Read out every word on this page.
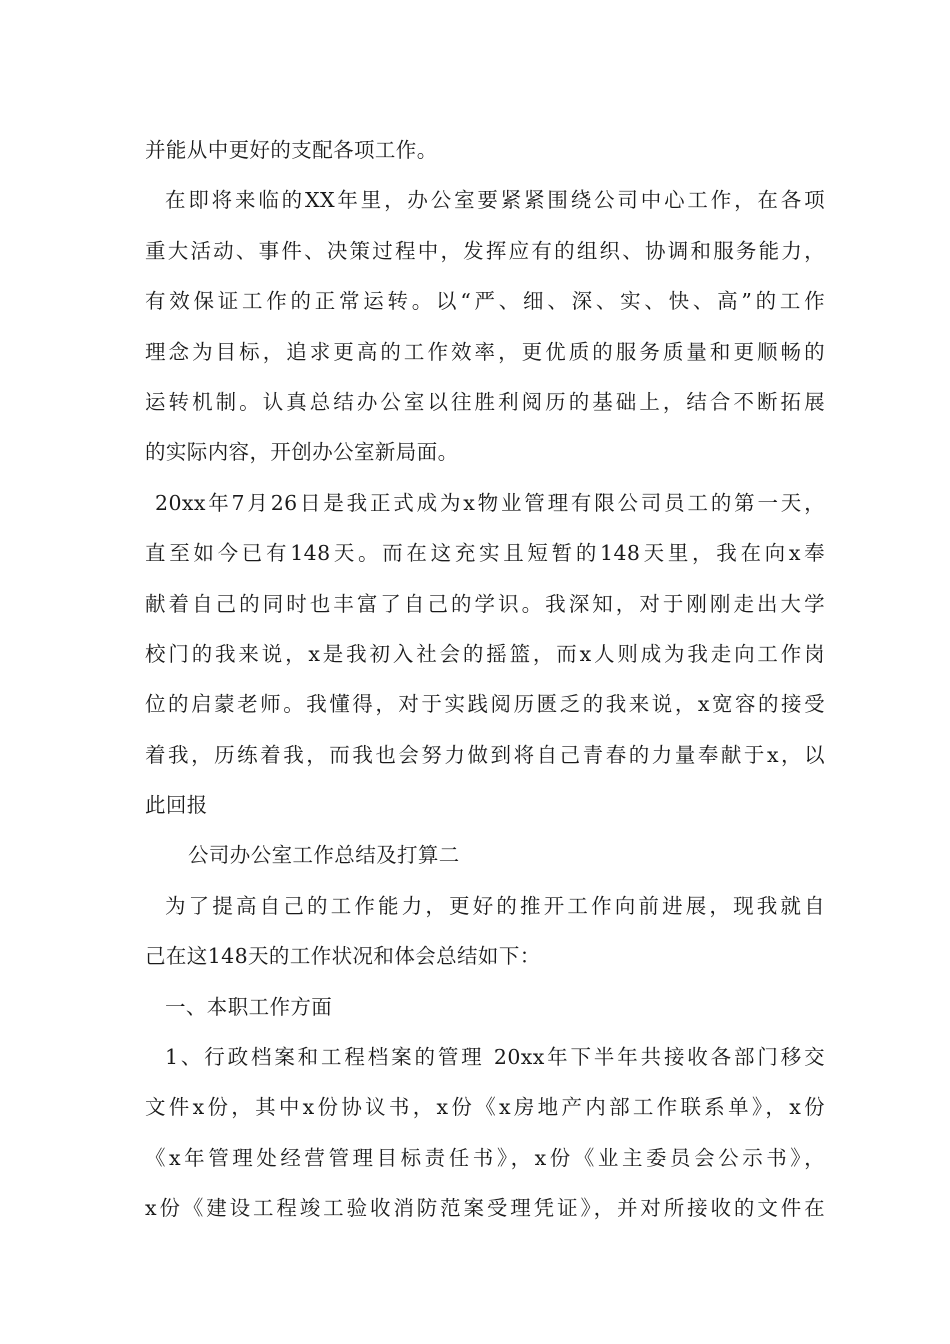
并能从中更好的支配各项工作。
在即将来临的XX年里，办公室要紧紧围绕公司中心工作，在各项
重大活动、事件、决策过程中，发挥应有的组织、协调和服务能力，
有效保证工作的正常运转。以“严、细、深、实、快、高”的工作
理念为目标，追求更高的工作效率，更优质的服务质量和更顺畅的
运转机制。认真总结办公室以往胜利阅历的基础上，结合不断拓展
的实际内容，开创办公室新局面。
20xx年7月26日是我正式成为x物业管理有限公司员工的第一天，
直至如今已有148天。而在这充实且短暂的148天里，我在向x奉
献着自己的同时也丰富了自己的学识。我深知，对于刚刚走出大学
校门的我来说，x是我初入社会的摇篮，而x人则成为我走向工作岗
位的启蒙老师。我懂得，对于实践阅历匮乏的我来说，x宽容的接受
着我，历练着我，而我也会努力做到将自己青春的力量奉献于x，以
此回报
公司办公室工作总结及打算二
为了提高自己的工作能力，更好的推开工作向前进展，现我就自
己在这148天的工作状况和体会总结如下：
一、本职工作方面
1、行政档案和工程档案的管理 20xx年下半年共接收各部门移交
文件x份，其中x份协议书，x份《x房地产内部工作联系单》，x份
《x年管理处经营管理目标责任书》，x份《业主委员会公示书》，
x份《建设工程竣工验收消防范案受理凭证》，并对所接收的文件在
